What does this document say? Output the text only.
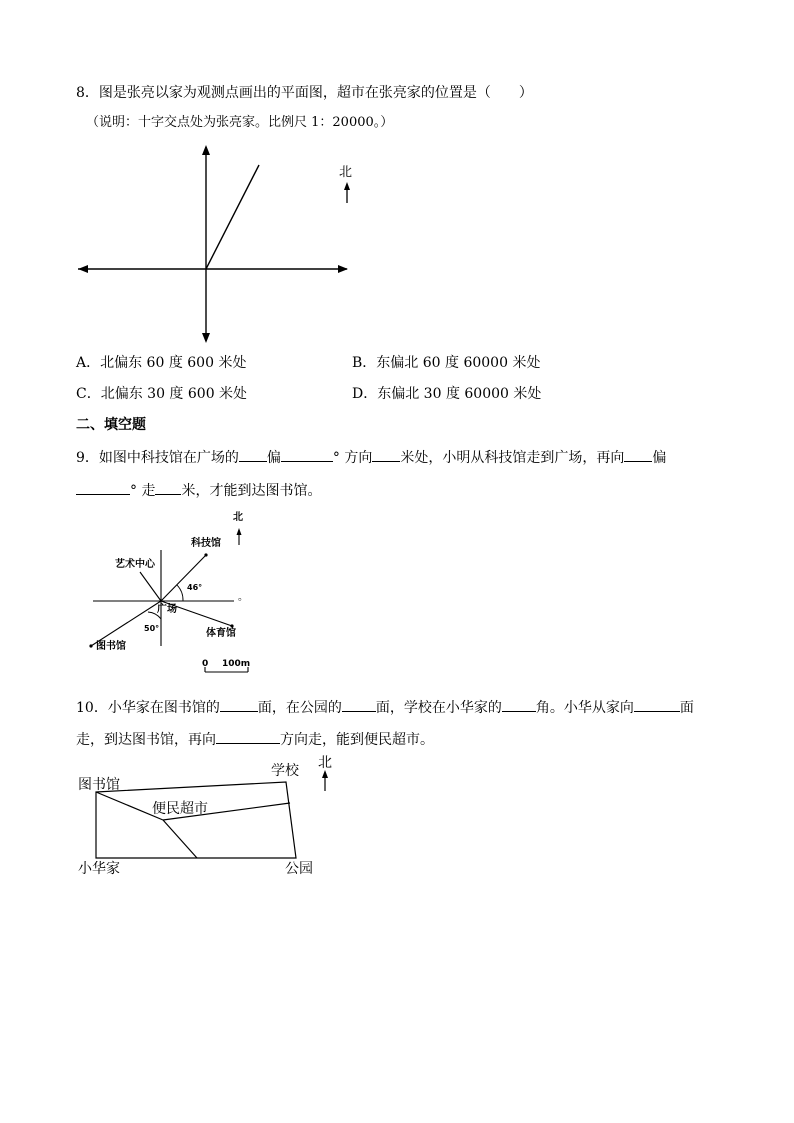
8．图是张亮以家为观测点画出的平面图，超市在张亮家的位置是（　　）
（说明：十字交点处为张亮家。比例尺 1：20000。）
北
A．北偏东 60 度 600 米处	B．东偏北 60 度 60000 米处
C．北偏东 30 度 600 米处	D．东偏北 30 度 60000 米处
二、填空题
9．如图中科技馆在广场的 偏	° 方向 米处，小明从科技馆走到广场，再向 偏
° 走 米，才能到达图书馆。
北
科技馆
艺术中心
46°
。
广场
50°	体育馆
图书馆
0 100m
10．小华家在图书馆的	面，在公园的 面，学校在小华家的 角。小华从家向	面
走，到达图书馆，再向	方向走，能到便民超市。
图书馆
学校 北
便民超市
小华家	公园
